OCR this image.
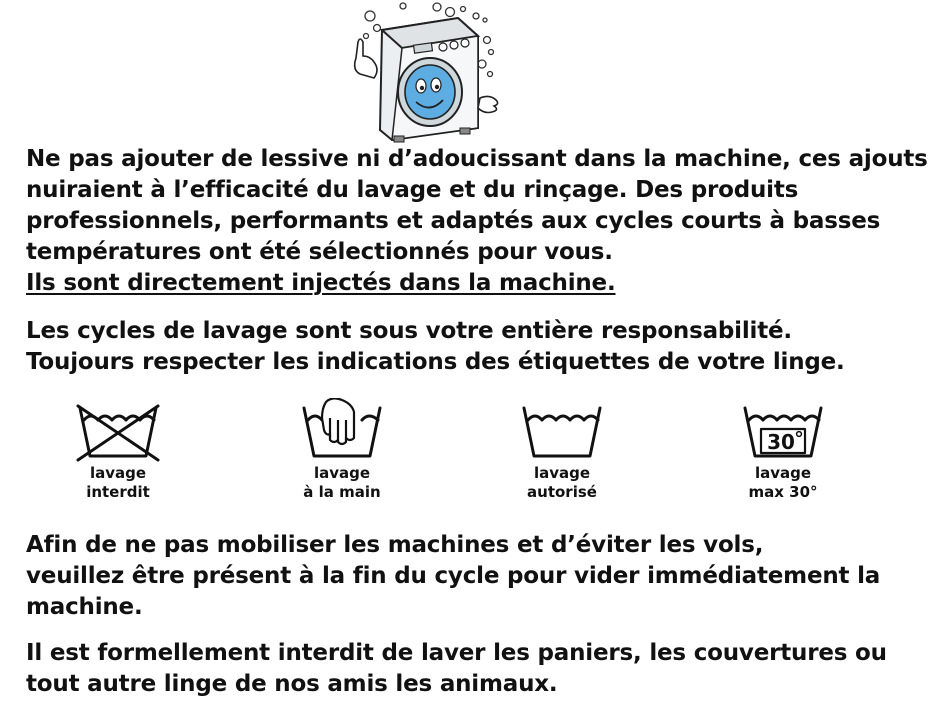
Ne pas ajouter de lessive ni d’adoucissant dans la machine, ces ajouts
nuiraient à l’efficacité du lavage et du rinçage. Des produits
professionnels, performants et adaptés aux cycles courts à basses
températures ont été sélectionnés pour vous.
Ils sont directement injectés dans la machine.
Les cycles de lavage sont sous votre entière responsabilité.
Toujours respecter les indications des étiquettes de votre linge.
lavage
interdit
lavage
à la main
lavage
autorisé
30
lavage
max 30°
Afin de ne pas mobiliser les machines et d’éviter les vols,
veuillez être présent à la fin du cycle pour vider immédiatement la
machine.
Il est formellement interdit de laver les paniers, les couvertures ou
tout autre linge de nos amis les animaux.
